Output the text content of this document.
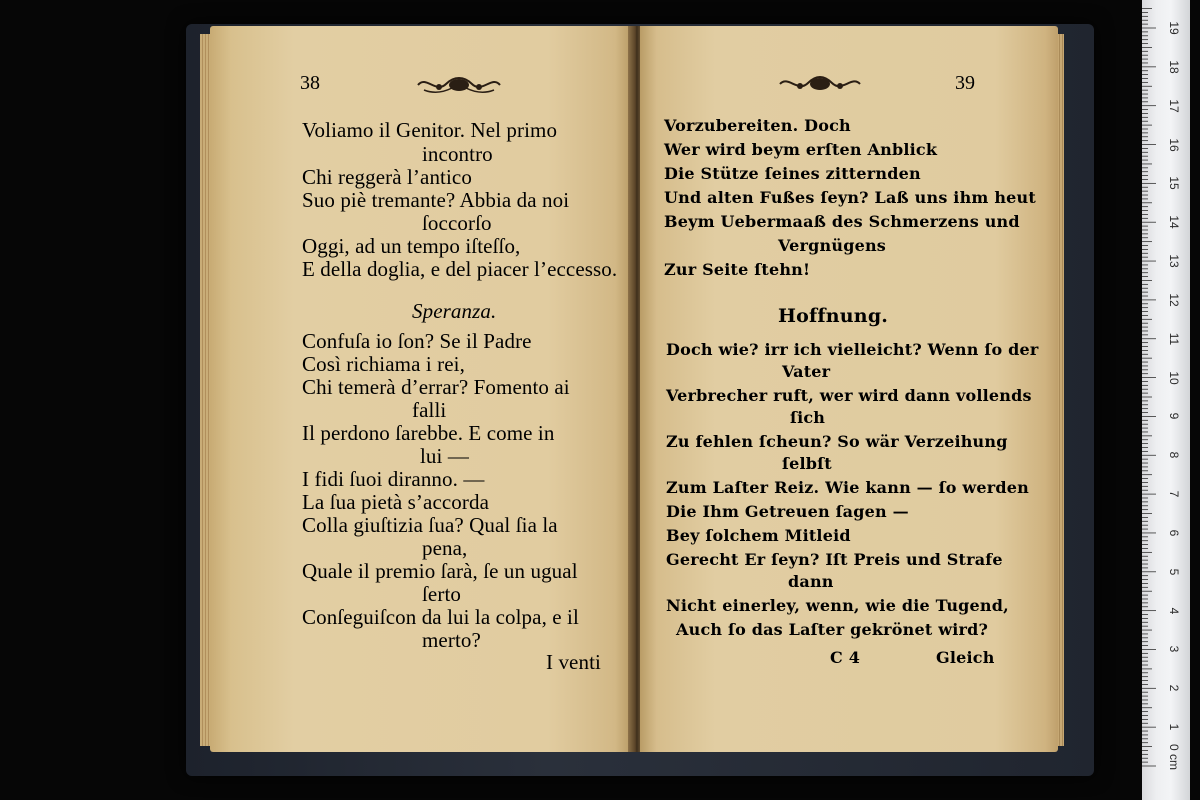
38
Voliamo il Genitor. Nel primo
incontro
Chi reggerà l’antico
Suo piè tremante? Abbia da noi
ſoccorſo
Oggi, ad un tempo iſteſſo,
E della doglia, e del piacer l’eccesso.
Speranza.
Confuſa io ſon? Se il Padre
Così richiama i rei,
Chi temerà d’errar? Fomento ai
falli
Il perdono ſarebbe. E come in
lui —
I fidi ſuoi diranno. —
La ſua pietà s’accorda
Colla giuſtizia ſua? Qual ſia la
pena,
Quale il premio ſarà, ſe un ugual
ſerto
Conſeguiſcon da lui la colpa, e il
merto?
I venti
39
Vorzubereiten. Doch
Wer wird beym erſten Anblick
Die Stütze ſeines zitternden
Und alten Fußes ſeyn? Laß uns ihm heut
Beym Uebermaaß des Schmerzens und
Vergnügens
Zur Seite ſtehn!
Hoffnung.
Doch wie? irr ich vielleicht? Wenn ſo der
Vater
Verbrecher ruft, wer wird dann vollends
ſich
Zu fehlen ſcheun? So wär Verzeihung
ſelbſt
Zum Laſter Reiz. Wie kann — ſo werden
Die Ihm Getreuen ſagen —
Bey ſolchem Mitleid
Gerecht Er ſeyn? Iſt Preis und Strafe
dann
Nicht einerley, wenn, wie die Tugend,
Auch ſo das Laſter gekrönet wird?
C 4	Gleich
0 cm
1
2
3
4
5
6
7
8
9
10
11
12
13
14
15
16
17
18
19
